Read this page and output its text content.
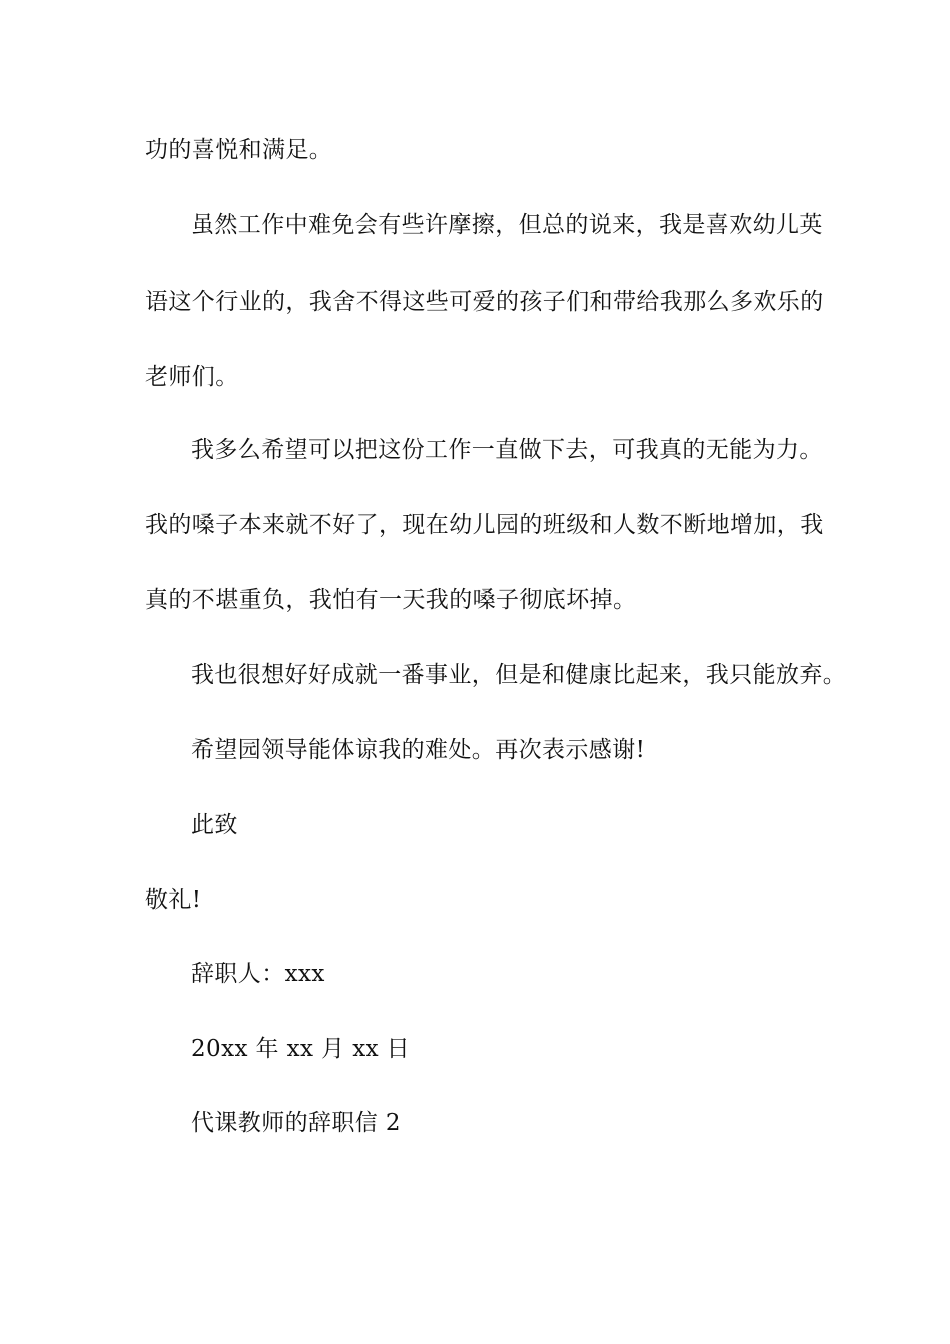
功的喜悦和满足。
虽然工作中难免会有些许摩擦，但总的说来，我是喜欢幼儿英
语这个行业的，我舍不得这些可爱的孩子们和带给我那么多欢乐的
老师们。
我多么希望可以把这份工作一直做下去，可我真的无能为力。
我的嗓子本来就不好了，现在幼儿园的班级和人数不断地增加，我
真的不堪重负，我怕有一天我的嗓子彻底坏掉。
我也很想好好成就一番事业，但是和健康比起来，我只能放弃。
希望园领导能体谅我的难处。再次表示感谢!
此致
敬礼!
辞职人：xxx
20xx 年 xx 月 xx 日
代课教师的辞职信 2
